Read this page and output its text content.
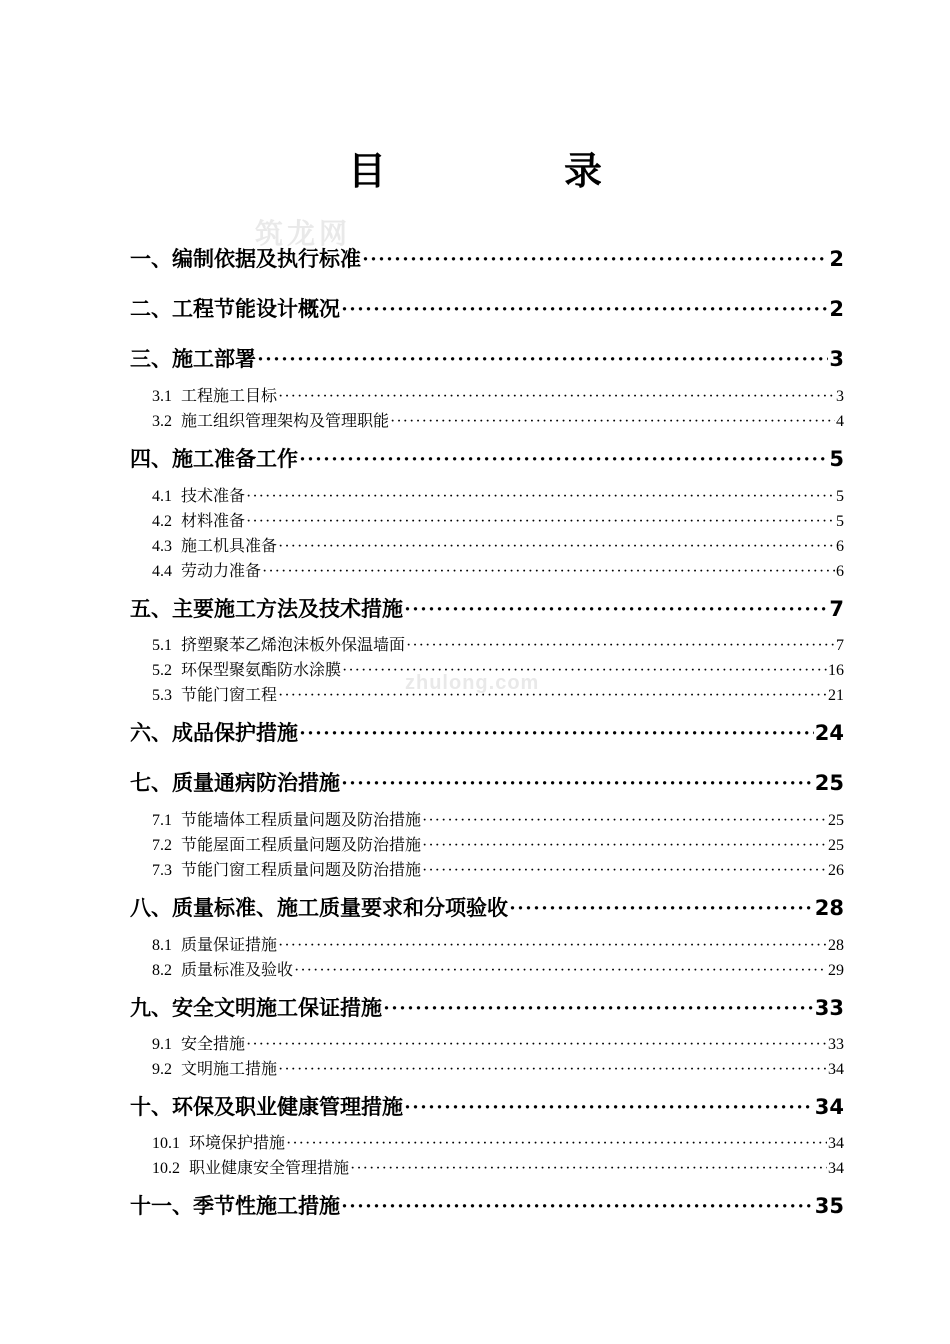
筑龙网
zhulong.com
目　录
一、编制依据及执行标准 ·····	2
二、工程节能设计概况 ·····	2
三、施工部署 ·····	3
3.1 工程施工目标 ·····	3
3.2 施工组织管理架构及管理职能 ·····	4
四、施工准备工作 ·····	5
4.1 技术准备 ·····	5
4.2 材料准备 ·····	5
4.3 施工机具准备 ·····	6
4.4 劳动力准备 ·····	6
五、主要施工方法及技术措施 ·····	7
5.1 挤塑聚苯乙烯泡沫板外保温墙面 ·····	7
5.2 环保型聚氨酯防水涂膜 ·····	16
5.3 节能门窗工程 ·····	21
六、成品保护措施 ·····	24
七、质量通病防治措施 ·····	25
7.1 节能墙体工程质量问题及防治措施 ·····	25
7.2 节能屋面工程质量问题及防治措施 ·····	25
7.3 节能门窗工程质量问题及防治措施 ·····	26
八、质量标准、施工质量要求和分项验收 ·····	28
8.1 质量保证措施 ·····	28
8.2 质量标准及验收 ·····	29
九、安全文明施工保证措施 ·····	33
9.1 安全措施 ·····	33
9.2 文明施工措施 ·····	34
十、环保及职业健康管理措施 ·····	34
10.1 环境保护措施 ·····	34
10.2 职业健康安全管理措施 ·····	34
十一、季节性施工措施 ·····	35
